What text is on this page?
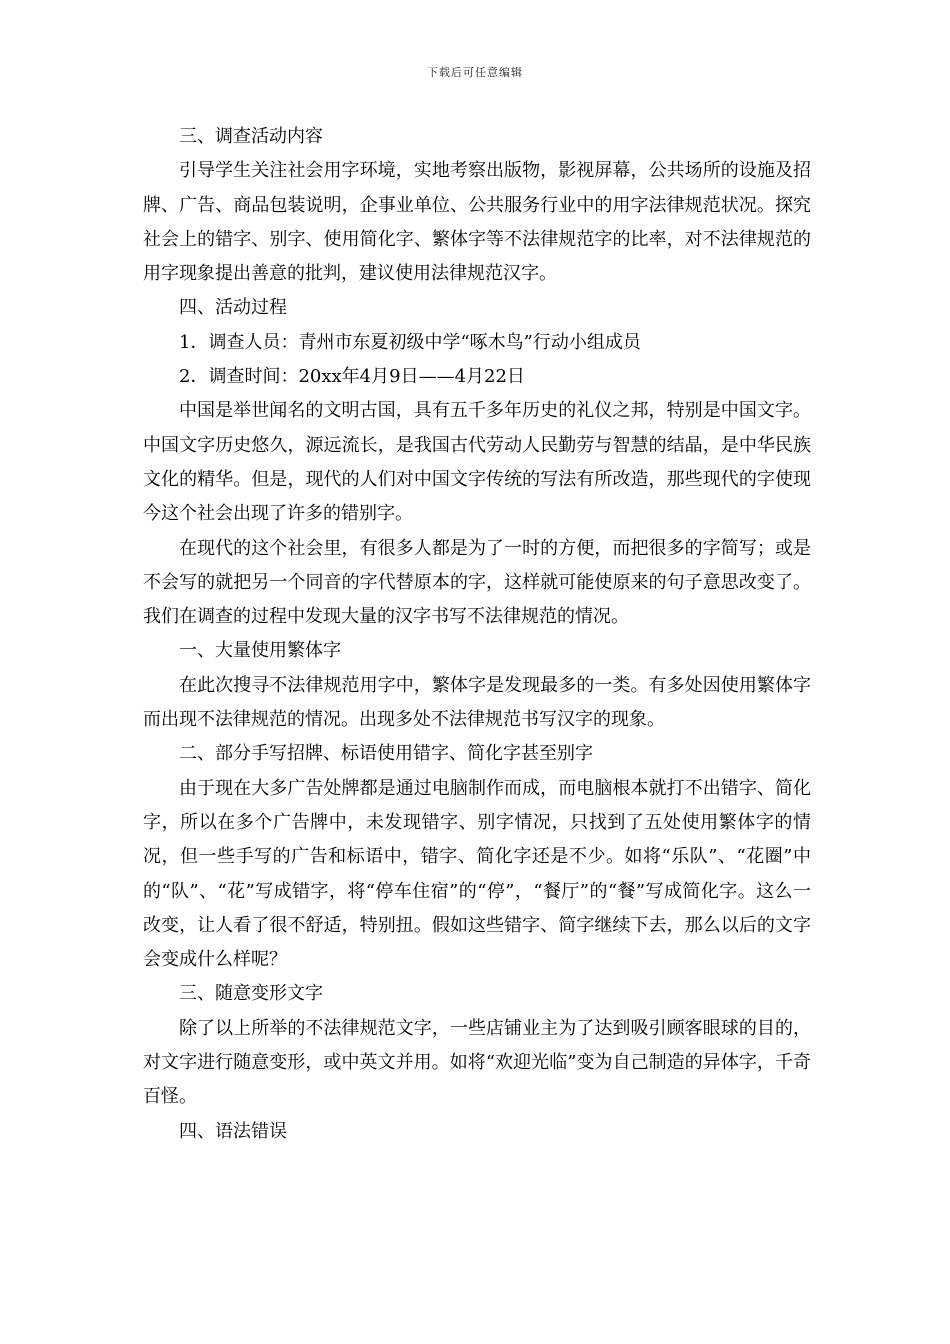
下载后可任意编辑

三、调查活动内容

引导学生关注社会用字环境，实地考察出版物，影视屏幕，公共场所的设施及招牌、广告、商品包装说明，企事业单位、公共服务行业中的用字法律规范状况。探究社会上的错字、别字、使用简化字、繁体字等不法律规范字的比率，对不法律规范的用字现象提出善意的批判，建议使用法律规范汉字。

四、活动过程

1．调查人员：青州市东夏初级中学“啄木鸟”行动小组成员

2．调查时间：20xx年4月9日——4月22日

中国是举世闻名的文明古国，具有五千多年历史的礼仪之邦，特别是中国文字。中国文字历史悠久，源远流长，是我国古代劳动人民勤劳与智慧的结晶，是中华民族文化的精华。但是，现代的人们对中国文字传统的写法有所改造，那些现代的字使现今这个社会出现了许多的错别字。

在现代的这个社会里，有很多人都是为了一时的方便，而把很多的字简写；或是不会写的就把另一个同音的字代替原本的字，这样就可能使原来的句子意思改变了。我们在调查的过程中发现大量的汉字书写不法律规范的情况。

一、大量使用繁体字

在此次搜寻不法律规范用字中，繁体字是发现最多的一类。有多处因使用繁体字而出现不法律规范的情况。出现多处不法律规范书写汉字的现象。

二、部分手写招牌、标语使用错字、简化字甚至别字

由于现在大多广告处牌都是通过电脑制作而成，而电脑根本就打不出错字、简化字，所以在多个广告牌中，未发现错字、别字情况，只找到了五处使用繁体字的情况，但一些手写的广告和标语中，错字、简化字还是不少。如将“乐队”、“花圈”中的“队”、“花”写成错字，将“停车住宿”的“停”，“餐厅”的“餐”写成简化字。这么一改变，让人看了很不舒适，特别扭。假如这些错字、简字继续下去，那么以后的文字会变成什么样呢？

三、随意变形文字

除了以上所举的不法律规范文字，一些店铺业主为了达到吸引顾客眼球的目的，对文字进行随意变形，或中英文并用。如将“欢迎光临”变为自己制造的异体字，千奇百怪。

四、语法错误
